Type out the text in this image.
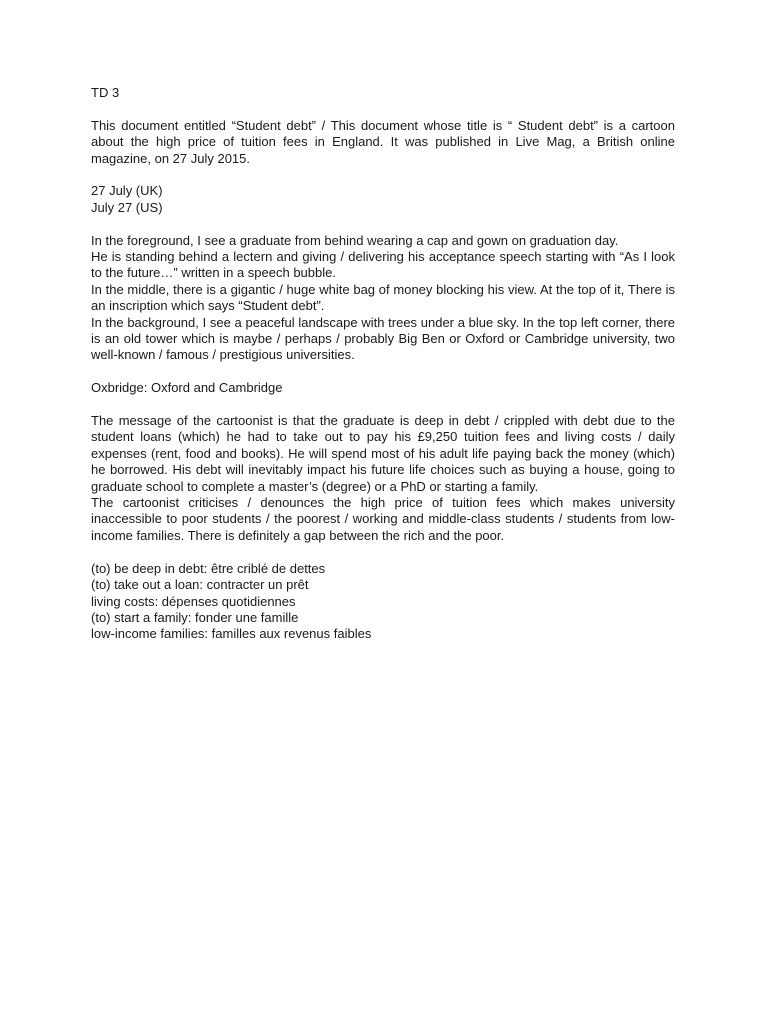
TD 3

This document entitled “Student debt” / This document whose title is “ Student debt” is a cartoon about the high price of tuition fees in England. It was published in Live Mag, a British online magazine, on 27 July 2015.

27 July (UK)
July 27 (US)

In the foreground, I see a graduate from behind wearing a cap and gown on graduation day.

He is standing behind a lectern and giving / delivering his acceptance speech starting with “As I look to the future…” written in a speech bubble.

In the middle, there is a gigantic / huge white bag of money blocking his view. At the top of it, There is an inscription which says “Student debt”.

In the background, I see a peaceful landscape with trees under a blue sky. In the top left corner, there is an old tower which is maybe / perhaps / probably Big Ben or Oxford or Cambridge university, two well-known / famous / prestigious universities.

Oxbridge: Oxford and Cambridge

The message of the cartoonist is that the graduate is deep in debt / crippled with debt due to the student loans (which) he had to take out to pay his £9,250 tuition fees and living costs / daily expenses (rent, food and books). He will spend most of his adult life paying back the money (which) he borrowed. His debt will inevitably impact his future life choices such as buying a house, going to graduate school to complete a master’s (degree) or a PhD or starting a family.

The cartoonist criticises / denounces the high price of tuition fees which makes university inaccessible to poor students / the poorest / working and middle-class students / students from low-income families. There is definitely a gap between the rich and the poor.

(to) be deep in debt: être criblé de dettes
(to) take out a loan: contracter un prêt
living costs: dépenses quotidiennes
(to) start a family: fonder une famille
low-income families: familles aux revenus faibles
